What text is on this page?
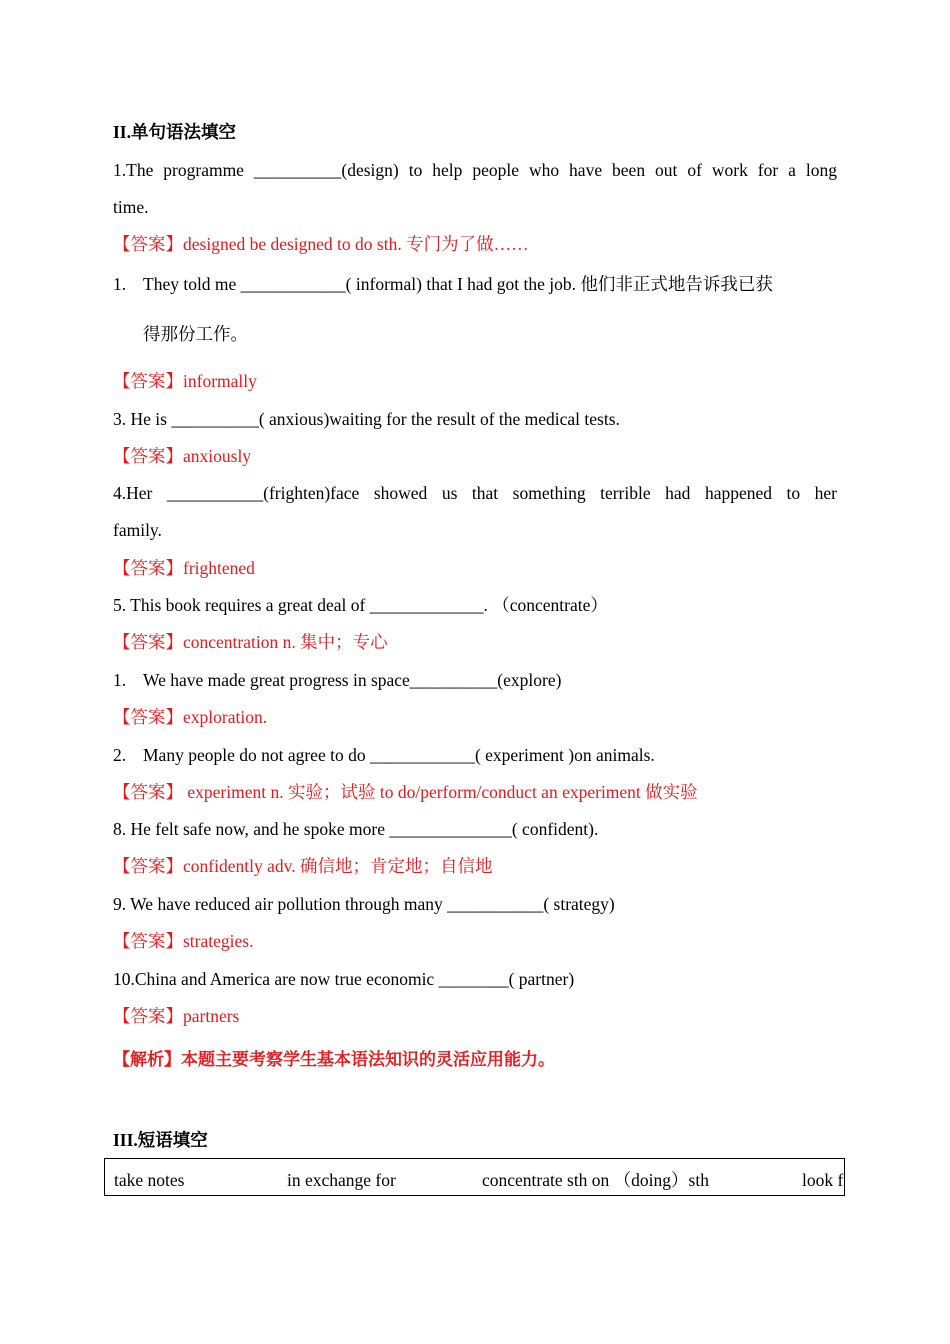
II.单句语法填空
1.The programme __________(design) to help people who have been out of work for a long
time.
【答案】designed be designed to do sth. 专门为了做……
1. They told me ____________( informal) that I had got the job. 他们非正式地告诉我已获
得那份工作。
【答案】informally
3. He is __________( anxious)waiting for the result of the medical tests.
【答案】anxiously
4.Her ___________(frighten)face showed us that something terrible had happened to her
family.
【答案】frightened
5. This book requires a great deal of _____________. （concentrate）
【答案】concentration n. 集中；专心
1. We have made great progress in space__________(explore)
【答案】exploration.
2. Many people do not agree to do ____________( experiment )on animals.
【答案】 experiment n. 实验；试验 to do/perform/conduct an experiment 做实验
8. He felt safe now, and he spoke more ______________( confident).
【答案】confidently adv. 确信地；肯定地；自信地
9. We have reduced air pollution through many ___________( strategy)
【答案】strategies.
10.China and America are now true economic ________( partner)
【答案】partners
【解析】本题主要考察学生基本语法知识的灵活应用能力。
III.短语填空
take notes	in exchange for	concentrate sth on （doing）sth	look f
